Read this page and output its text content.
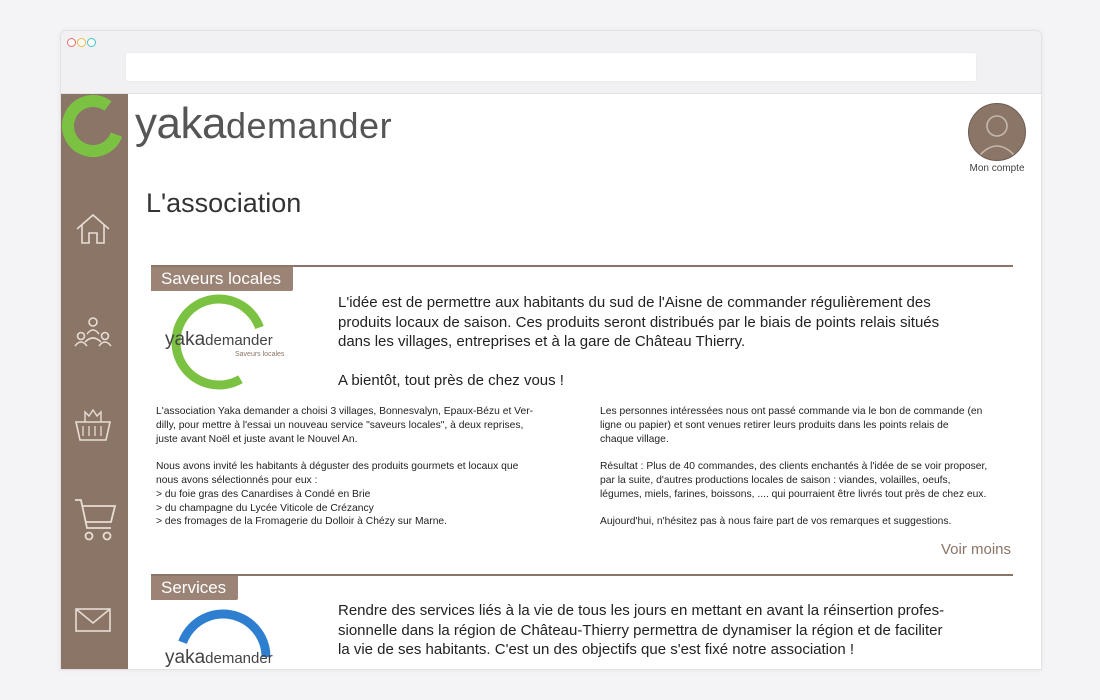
yakademander
Mon compte
L'association
Saveurs locales
yakademander
Saveurs locales
L'idée est de permettre aux habitants du sud de l'Aisne de commander régulièrement des
produits locaux de saison. Ces produits seront distribués par le biais de points relais situés
dans les villages, entreprises et à la gare de Château Thierry.
A bientôt, tout près de chez vous !
L'association Yaka demander a choisi 3 villages, Bonnesvalyn, Epaux-Bézu et Ver-
dilly, pour mettre à l'essai un nouveau service "saveurs locales", à deux reprises,
juste avant Noël et juste avant le Nouvel An.
Nous avons invité les habitants à déguster des produits gourmets et locaux que
nous avons sélectionnés pour eux :
> du foie gras des Canardises à Condé en Brie
> du champagne du Lycée Viticole de Crézancy
> des fromages de la Fromagerie du Dolloir à Chézy sur Marne.
Les personnes intéressées nous ont passé commande via le bon de commande (en
ligne ou papier) et sont venues retirer leurs produits dans les points relais de
chaque village.
Résultat : Plus de 40 commandes, des clients enchantés à l'idée de se voir proposer,
par la suite, d'autres productions locales de saison : viandes, volailles, oeufs,
légumes, miels, farines, boissons, .... qui pourraient être livrés tout près de chez eux.
Aujourd'hui, n'hésitez pas à nous faire part de vos remarques et suggestions.
Voir moins
Services
yakademander
Rendre des services liés à la vie de tous les jours en mettant en avant la réinsertion profes-
sionnelle dans la région de Château-Thierry permettra de dynamiser la région et de faciliter
la vie de ses habitants. C'est un des objectifs que s'est fixé notre association !
